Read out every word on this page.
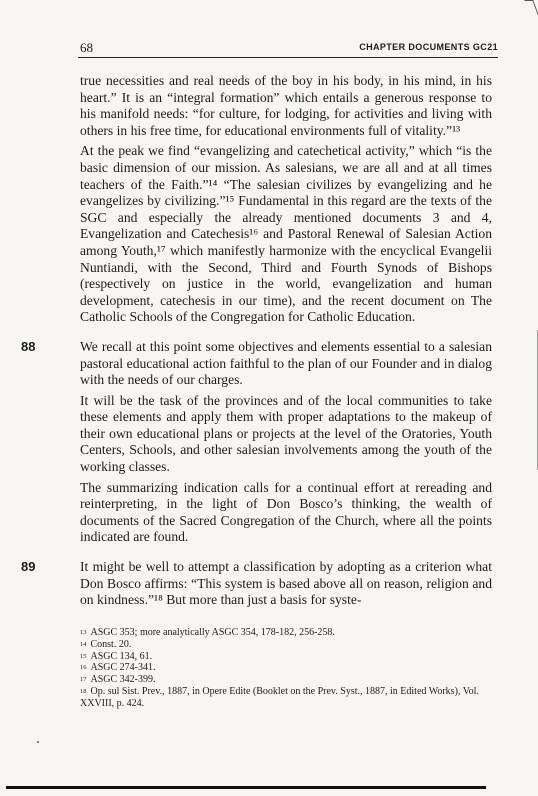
68	CHAPTER DOCUMENTS GC21

true necessities and real needs of the boy in his body, in his mind, in his heart.” It is an “integral formation” which entails a generous response to his manifold needs: “for culture, for lodging, for activities and living with others in his free time, for educational environments full of vitality.”¹³

At the peak we find “evangelizing and catechetical activity,” which “is the basic dimension of our mission. As salesians, we are all and at all times teachers of the Faith.”¹⁴ “The salesian civilizes by evangelizing and he evangelizes by civilizing.”¹⁵ Fundamental in this regard are the texts of the SGC and especially the already mentioned documents 3 and 4, Evangelization and Catechesis¹⁶ and Pastoral Renewal of Salesian Action among Youth,¹⁷ which manifestly harmonize with the encyclical Evangelii Nuntiandi, with the Second, Third and Fourth Synods of Bishops (respectively on justice in the world, evangelization and human development, catechesis in our time), and the recent document on The Catholic Schools of the Congregation for Catholic Education.

88	We recall at this point some objectives and elements essential to a salesian pastoral educational action faithful to the plan of our Founder and in dialog with the needs of our charges.

It will be the task of the provinces and of the local communities to take these elements and apply them with proper adaptations to the makeup of their own educational plans or projects at the level of the Oratories, Youth Centers, Schools, and other salesian involvements among the youth of the working classes.

The summarizing indication calls for a continual effort at rereading and reinterpreting, in the light of Don Bosco’s thinking, the wealth of documents of the Sacred Congregation of the Church, where all the points indicated are found.

89	It might be well to attempt a classification by adopting as a criterion what Don Bosco affirms: “This system is based above all on reason, religion and on kindness.”¹⁸ But more than just a basis for syste-

$^{13}$ ASGC 353; more analytically ASGC 354, 178-182, 256-258.

$^{14}$ Const. 20.

$^{15}$ ASGC 134, 61.

$^{16}$ ASGC 274-341.

$^{17}$ ASGC 342-399.

$^{18}$ Op. sul Sist. Prev., 1887, in Opere Edite (Booklet on the Prev. Syst., 1887, in Edited Works), Vol. XXVIII, p. 424.
